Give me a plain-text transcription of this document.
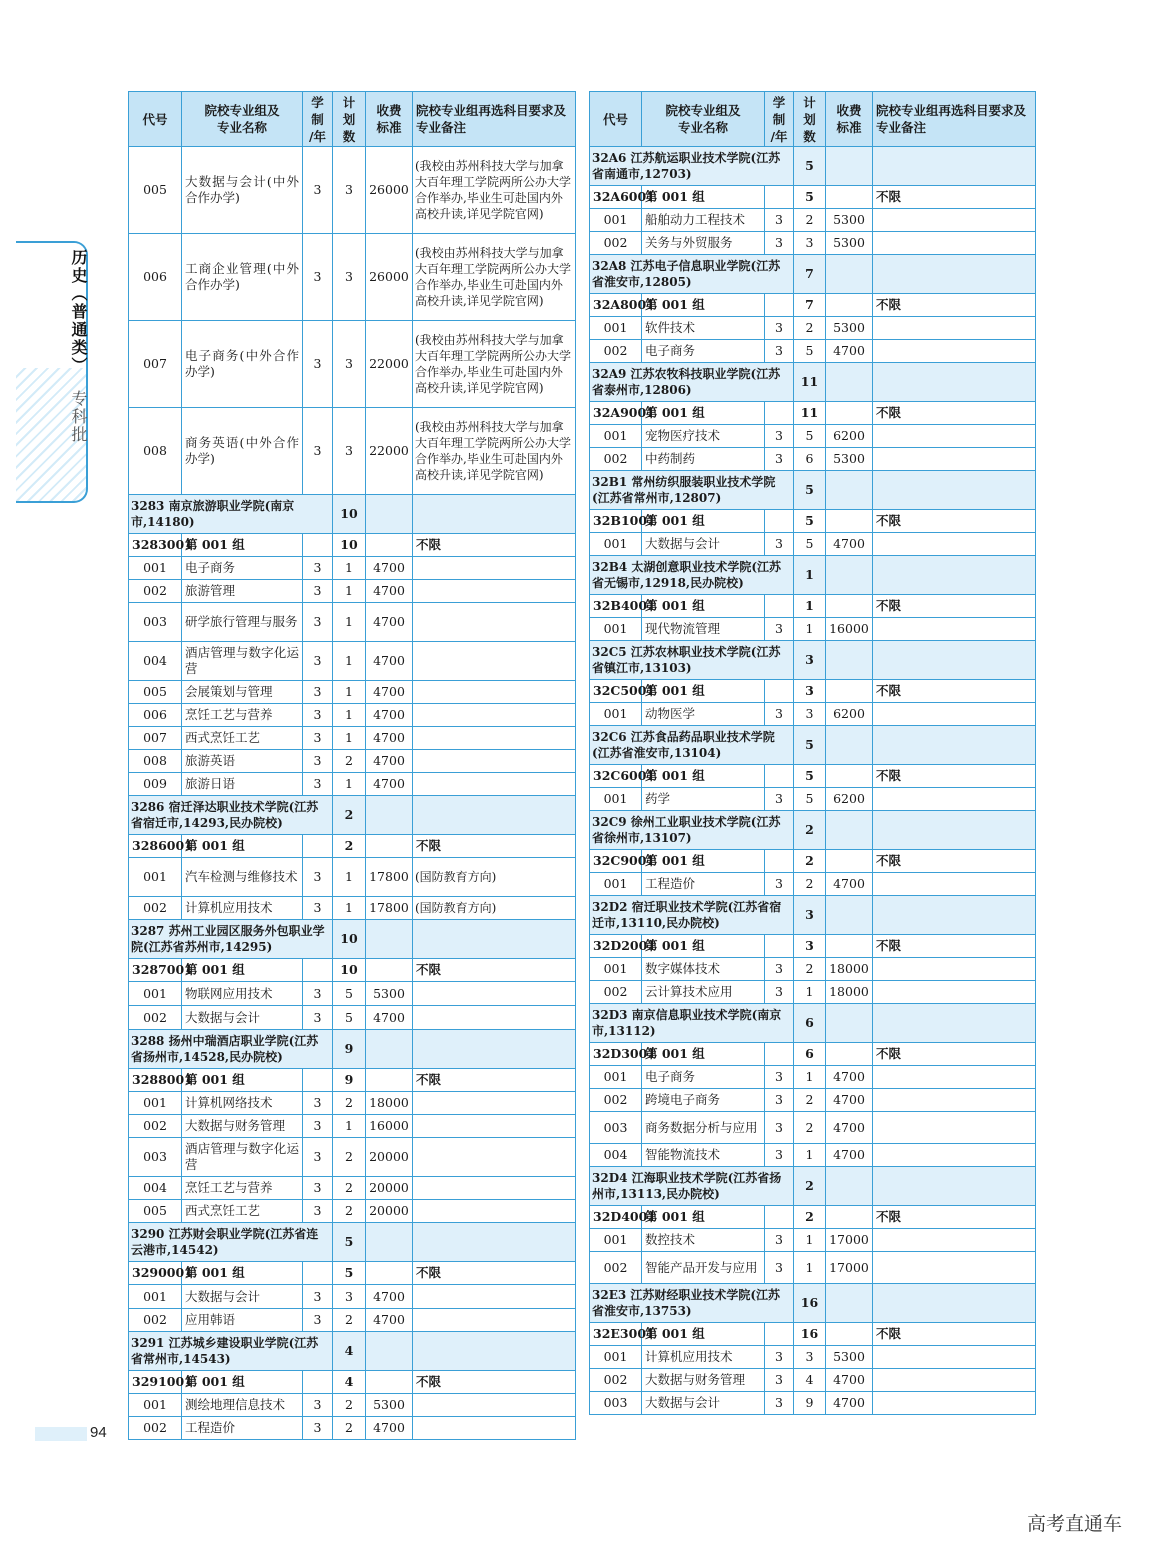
历史（普通类） 专科批
代号	院校专业组及
专业名称	学
制
/年	计
划
数	收费
标准	院校专业组再选科目要求及
专业备注
005	大数据与会计(中外合作办学)	3	3	26000	(我校由苏州科技大学与加拿大百年理工学院两所公办大学合作举办,毕业生可赴国内外高校升读,详见学院官网)
006	工商企业管理(中外合作办学)	3	3	26000	(我校由苏州科技大学与加拿大百年理工学院两所公办大学合作举办,毕业生可赴国内外高校升读,详见学院官网)
007	电子商务(中外合作办学)	3	3	22000	(我校由苏州科技大学与加拿大百年理工学院两所公办大学合作举办,毕业生可赴国内外高校升读,详见学院官网)
008	商务英语(中外合作办学)	3	3	22000	(我校由苏州科技大学与加拿大百年理工学院两所公办大学合作举办,毕业生可赴国内外高校升读,详见学院官网)
3283 南京旅游职业学院(南京市,14180)			10		
3283001	第 001 组		10		不限
001	电子商务	3	1	4700	
002	旅游管理	3	1	4700	
003	研学旅行管理与服务	3	1	4700	
004	酒店管理与数字化运营	3	1	4700	
005	会展策划与管理	3	1	4700	
006	烹饪工艺与营养	3	1	4700	
007	西式烹饪工艺	3	1	4700	
008	旅游英语	3	2	4700	
009	旅游日语	3	1	4700	
3286 宿迁泽达职业技术学院(江苏省宿迁市,14293,民办院校)			2		
3286001	第 001 组		2		不限
001	汽车检测与维修技术	3	1	17800	(国防教育方向)
002	计算机应用技术	3	1	17800	(国防教育方向)
3287 苏州工业园区服务外包职业学院(江苏省苏州市,14295)			10		
3287001	第 001 组		10		不限
001	物联网应用技术	3	5	5300	
002	大数据与会计	3	5	4700	
3288 扬州中瑞酒店职业学院(江苏省扬州市,14528,民办院校)			9		
3288001	第 001 组		9		不限
001	计算机网络技术	3	2	18000	
002	大数据与财务管理	3	1	16000	
003	酒店管理与数字化运营	3	2	20000	
004	烹饪工艺与营养	3	2	20000	
005	西式烹饪工艺	3	2	20000	
3290 江苏财会职业学院(江苏省连云港市,14542)			5		
3290001	第 001 组		5		不限
001	大数据与会计	3	3	4700	
002	应用韩语	3	2	4700	
3291 江苏城乡建设职业学院(江苏省常州市,14543)			4		
3291001	第 001 组		4		不限
001	测绘地理信息技术	3	2	5300	
002	工程造价	3	2	4700	
代号	院校专业组及
专业名称	学
制
/年	计
划
数	收费
标准	院校专业组再选科目要求及
专业备注
32A6 江苏航运职业技术学院(江苏省南通市,12703)			5		
32A6001	第 001 组		5		不限
001	船舶动力工程技术	3	2	5300	
002	关务与外贸服务	3	3	5300	
32A8 江苏电子信息职业学院(江苏省淮安市,12805)			7		
32A8001	第 001 组		7		不限
001	软件技术	3	2	5300	
002	电子商务	3	5	4700	
32A9 江苏农牧科技职业学院(江苏省泰州市,12806)			11		
32A9001	第 001 组		11		不限
001	宠物医疗技术	3	5	6200	
002	中药制药	3	6	5300	
32B1 常州纺织服装职业技术学院(江苏省常州市,12807)			5		
32B1001	第 001 组		5		不限
001	大数据与会计	3	5	4700	
32B4 太湖创意职业技术学院(江苏省无锡市,12918,民办院校)			1		
32B4001	第 001 组		1		不限
001	现代物流管理	3	1	16000	
32C5 江苏农林职业技术学院(江苏省镇江市,13103)			3		
32C5001	第 001 组		3		不限
001	动物医学	3	3	6200	
32C6 江苏食品药品职业技术学院(江苏省淮安市,13104)			5		
32C6001	第 001 组		5		不限
001	药学	3	5	6200	
32C9 徐州工业职业技术学院(江苏省徐州市,13107)			2		
32C9001	第 001 组		2		不限
001	工程造价	3	2	4700	
32D2 宿迁职业技术学院(江苏省宿迁市,13110,民办院校)			3		
32D2001	第 001 组		3		不限
001	数字媒体技术	3	2	18000	
002	云计算技术应用	3	1	18000	
32D3 南京信息职业技术学院(南京市,13112)			6		
32D3001	第 001 组		6		不限
001	电子商务	3	1	4700	
002	跨境电子商务	3	2	4700	
003	商务数据分析与应用	3	2	4700	
004	智能物流技术	3	1	4700	
32D4 江海职业技术学院(江苏省扬州市,13113,民办院校)			2		
32D4001	第 001 组		2		不限
001	数控技术	3	1	17000	
002	智能产品开发与应用	3	1	17000	
32E3 江苏财经职业技术学院(江苏省淮安市,13753)			16		
32E3001	第 001 组		16		不限
001	计算机应用技术	3	3	5300	
002	大数据与财务管理	3	4	4700	
003	大数据与会计	3	9	4700	
94
高考直通车
